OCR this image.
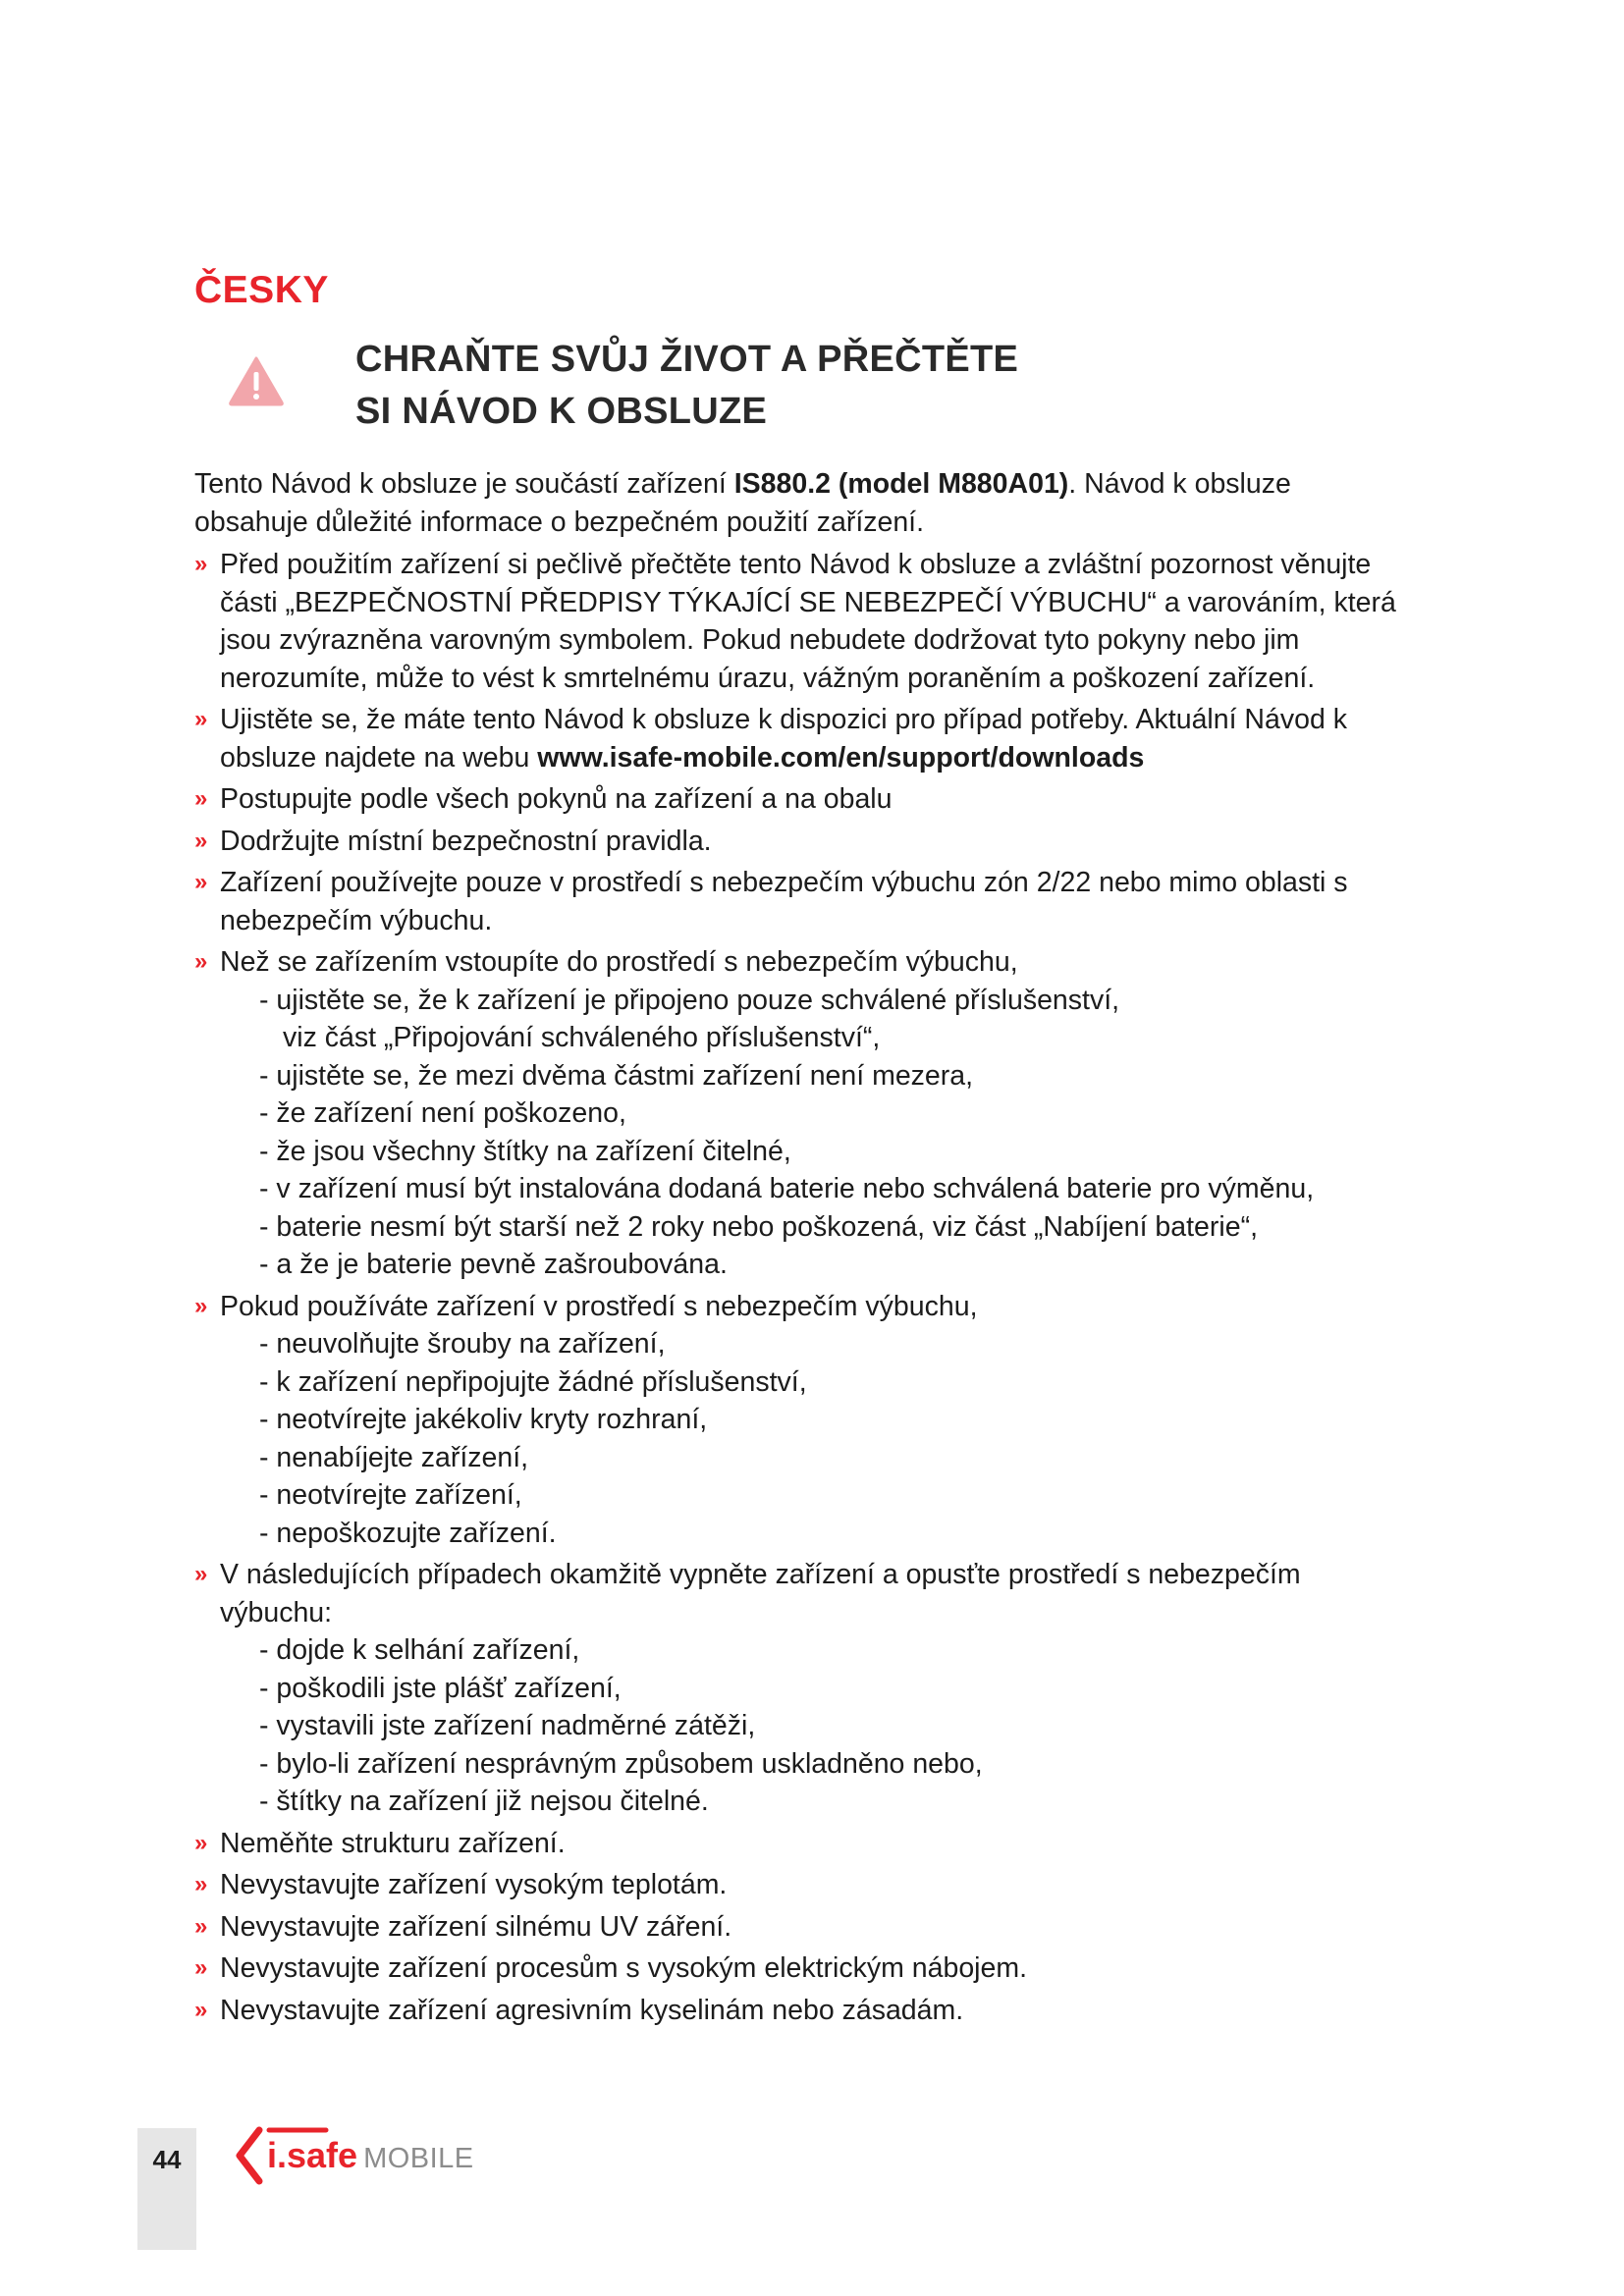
ČESKY
CHRAŇTE SVŮJ ŽIVOT A PŘEČTĚTE
SI NÁVOD K OBSLUZE

Tento Návod k obsluze je součástí zařízení IS880.2 (model M880A01). Návod k obsluze obsahuje důležité informace o bezpečném použití zařízení.

» Před použitím zařízení si pečlivě přečtěte tento Návod k obsluze a zvláštní pozornost věnujte části „BEZPEČNOSTNÍ PŘEDPISY TÝKAJÍCÍ SE NEBEZPEČÍ VÝBUCHU“ a varováním, která jsou zvýrazněna varovným symbolem. Pokud nebudete dodržovat tyto pokyny nebo jim nerozumíte, může to vést k smrtelnému úrazu, vážným poraněním a poškození zařízení.
» Ujistěte se, že máte tento Návod k obsluze k dispozici pro případ potřeby. Aktuální Návod k obsluze najdete na webu www.isafe-mobile.com/en/support/downloads
» Postupujte podle všech pokynů na zařízení a na obalu
» Dodržujte místní bezpečnostní pravidla.
» Zařízení používejte pouze v prostředí s nebezpečím výbuchu zón 2/22 nebo mimo oblasti s nebezpečím výbuchu.
» Než se zařízením vstoupíte do prostředí s nebezpečím výbuchu,
- ujistěte se, že k zařízení je připojeno pouze schválené příslušenství,
viz část „Připojování schváleného příslušenství“,
- ujistěte se, že mezi dvěma částmi zařízení není mezera,
- že zařízení není poškozeno,
- že jsou všechny štítky na zařízení čitelné,
- v zařízení musí být instalována dodaná baterie nebo schválená baterie pro výměnu,
- baterie nesmí být starší než 2 roky nebo poškozená, viz část „Nabíjení baterie“,
- a že je baterie pevně zašroubována.
» Pokud používáte zařízení v prostředí s nebezpečím výbuchu,
- neuvolňujte šrouby na zařízení,
- k zařízení nepřipojujte žádné příslušenství,
- neotvírejte jakékoliv kryty rozhraní,
- nenabíjejte zařízení,
- neotvírejte zařízení,
- nepoškozujte zařízení.
» V následujících případech okamžitě vypněte zařízení a opusťte prostředí s nebezpečím výbuchu:
- dojde k selhání zařízení,
- poškodili jste plášť zařízení,
- vystavili jste zařízení nadměrné zátěži,
- bylo-li zařízení nesprávným způsobem uskladněno nebo,
- štítky na zařízení již nejsou čitelné.
» Neměňte strukturu zařízení.
» Nevystavujte zařízení vysokým teplotám.
» Nevystavujte zařízení silnému UV záření.
» Nevystavujte zařízení procesům s vysokým elektrickým nábojem.
» Nevystavujte zařízení agresivním kyselinám nebo zásadám.
44	i.safe MOBILE
